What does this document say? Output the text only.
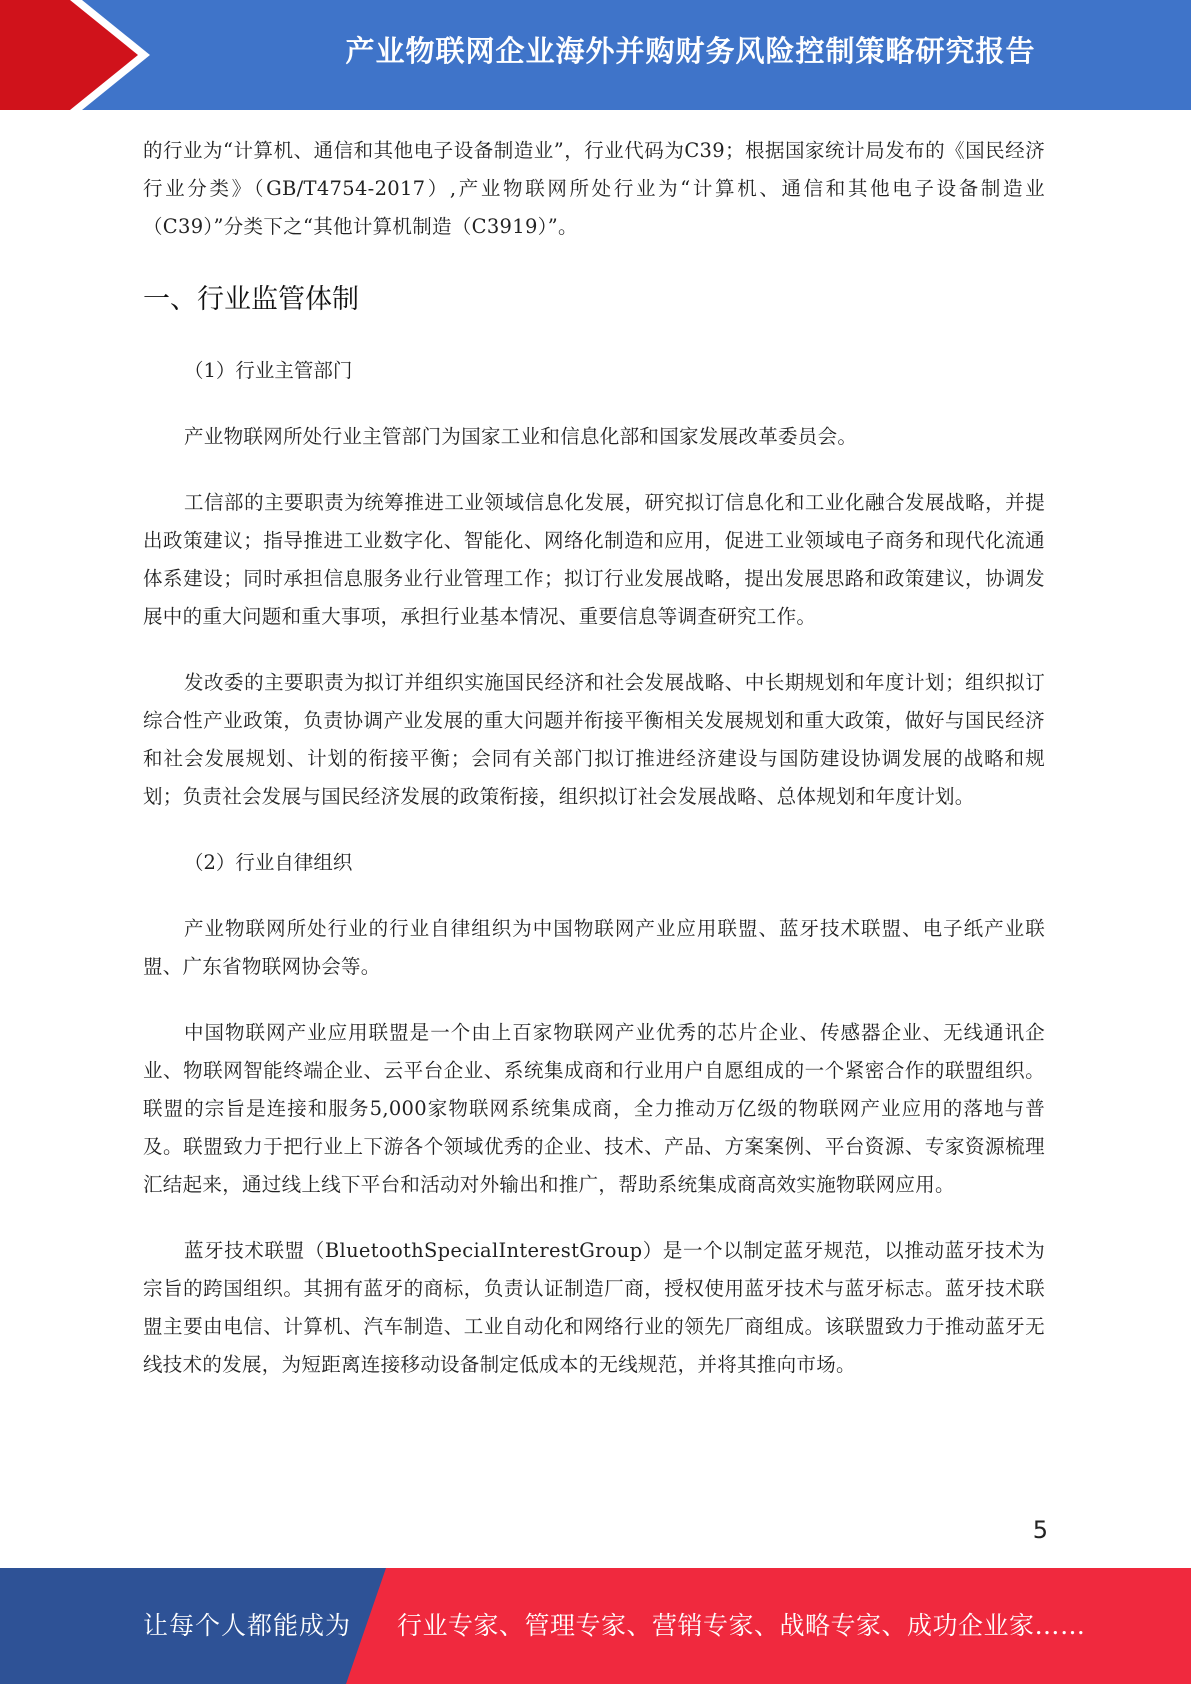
产业物联网企业海外并购财务风险控制策略研究报告

的行业为“计算机、通信和其他电子设备制造业”，行业代码为C39；根据国家统计局发布的《国民经济行业分类》（GB/T4754-2017）,产业物联网所处行业为“计算机、通信和其他电子设备制造业（C39）”分类下之“其他计算机制造（C3919）”。

一、行业监管体制

（1）行业主管部门

产业物联网所处行业主管部门为国家工业和信息化部和国家发展改革委员会。

工信部的主要职责为统筹推进工业领域信息化发展，研究拟订信息化和工业化融合发展战略，并提出政策建议；指导推进工业数字化、智能化、网络化制造和应用，促进工业领域电子商务和现代化流通体系建设；同时承担信息服务业行业管理工作；拟订行业发展战略，提出发展思路和政策建议，协调发展中的重大问题和重大事项，承担行业基本情况、重要信息等调查研究工作。

发改委的主要职责为拟订并组织实施国民经济和社会发展战略、中长期规划和年度计划；组织拟订综合性产业政策，负责协调产业发展的重大问题并衔接平衡相关发展规划和重大政策，做好与国民经济和社会发展规划、计划的衔接平衡；会同有关部门拟订推进经济建设与国防建设协调发展的战略和规划；负责社会发展与国民经济发展的政策衔接，组织拟订社会发展战略、总体规划和年度计划。

（2）行业自律组织

产业物联网所处行业的行业自律组织为中国物联网产业应用联盟、蓝牙技术联盟、电子纸产业联盟、广东省物联网协会等。

中国物联网产业应用联盟是一个由上百家物联网产业优秀的芯片企业、传感器企业、无线通讯企业、物联网智能终端企业、云平台企业、系统集成商和行业用户自愿组成的一个紧密合作的联盟组织。联盟的宗旨是连接和服务5,000家物联网系统集成商，全力推动万亿级的物联网产业应用的落地与普及。联盟致力于把行业上下游各个领域优秀的企业、技术、产品、方案案例、平台资源、专家资源梳理汇结起来，通过线上线下平台和活动对外输出和推广，帮助系统集成商高效实施物联网应用。

蓝牙技术联盟（BluetoothSpecialInterestGroup）是一个以制定蓝牙规范，以推动蓝牙技术为宗旨的跨国组织。其拥有蓝牙的商标，负责认证制造厂商，授权使用蓝牙技术与蓝牙标志。蓝牙技术联盟主要由电信、计算机、汽车制造、工业自动化和网络行业的领先厂商组成。该联盟致力于推动蓝牙无线技术的发展，为短距离连接移动设备制定低成本的无线规范，并将其推向市场。

5
让每个人都能成为 行业专家、管理专家、营销专家、战略专家、成功企业家……
